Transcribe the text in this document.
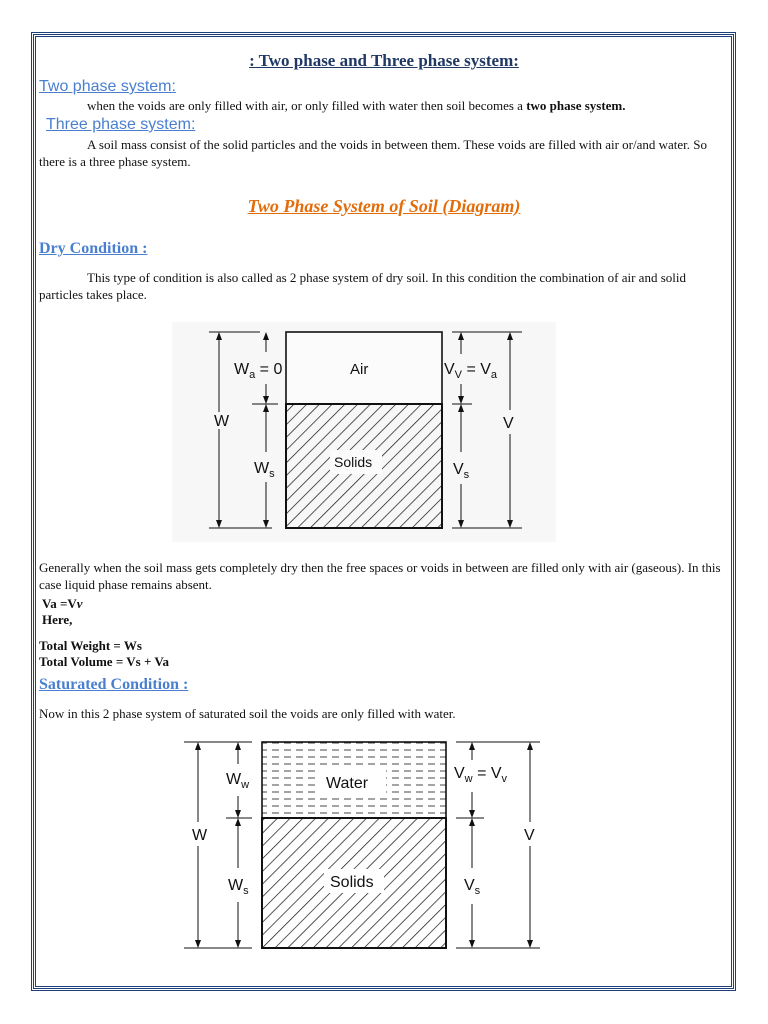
: Two phase and Three phase system:
Two phase system:
when the voids are only filled with air, or only filled with water then soil becomes a two phase system.
Three phase system:
A soil mass consist of the solid particles and the voids in between them. These voids are filled with air or/and water. So there is a three phase system.
Two Phase System of Soil (Diagram)
Dry Condition :
This type of condition is also called as 2 phase system of dry soil. In this condition the combination of air and solid particles takes place.
$W_a = 0$
W
$W_s$
Air
Solids
$V_V = V_a$
V
$V_s$
Generally when the soil mass gets completely dry then the free spaces or voids in between are filled only with air (gaseous). In this case liquid phase remains absent.
Va =Vv
Here,
Total Weight = Ws
Total Volume = Vs + Va
Saturated Condition :
Now in this 2 phase system of saturated soil the voids are only filled with water.
$W_w$
W
$W_s$
Water
Solids
$V_w = V_v$
V
$V_s$
